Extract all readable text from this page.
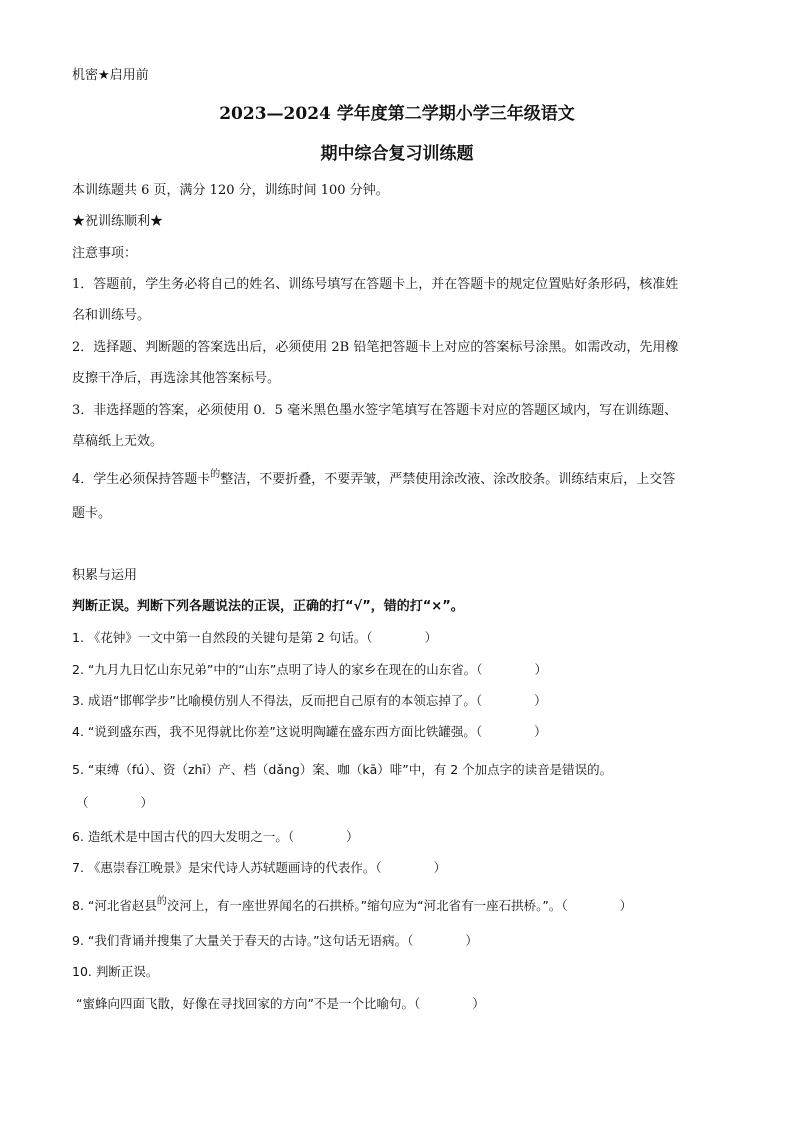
机密★启用前
2023—2024 学年度第二学期小学三年级语文
期中综合复习训练题
本训练题共 6 页，满分 120 分，训练时间 100 分钟。
★祝训练顺利★
注意事项：
1．答题前，学生务必将自己的姓名、训练号填写在答题卡上，并在答题卡的规定位置贴好条形码，核准姓
名和训练号。
2．选择题、判断题的答案选出后，必须使用 2B 铅笔把答题卡上对应的答案标号涂黑。如需改动，先用橡
皮擦干净后，再选涂其他答案标号。
3．非选择题的答案，必须使用 0．5 毫米黑色墨水签字笔填写在答题卡对应的答题区域内，写在训练题、
草稿纸上无效。
4．学生必须保持答题卡$^的$整洁，不要折叠，不要弄皱，严禁使用涂改液、涂改胶条。训练结束后，上交答
题卡。
积累与运用
判断正误。判断下列各题说法的正误，正确的打“√”，错的打“×”。
1. 《花钟》一文中第一自然段的关键句是第 2 句话。（	）
2. “九月九日忆山东兄弟”中的“山东”点明了诗人的家乡在现在的山东省。（	）
3. 成语“邯郸学步”比喻模仿别人不得法，反而把自己原有的本领忘掉了。（	）
4. “说到盛东西，我不见得就比你差”这说明陶罐在盛东西方面比铁罐强。（	）
5. “束缚（fú）、资（zhī）产、档（dǎng）案、咖（kā）啡”中，有 2 个加点字的读音是错误的。
（	）
6. 造纸术是中国古代的四大发明之一。（	）
7. 《惠崇春江晚景》是宋代诗人苏轼题画诗的代表作。（	）
8. “河北省赵县$^的$洨河上，有一座世界闻名的石拱桥。”缩句应为“河北省有一座石拱桥。”。（	）
9. “我们背诵并搜集了大量关于春天的古诗。”这句话无语病。（	）
10. 判断正误。
“蜜蜂向四面飞散，好像在寻找回家的方向”不是一个比喻句。（	）
